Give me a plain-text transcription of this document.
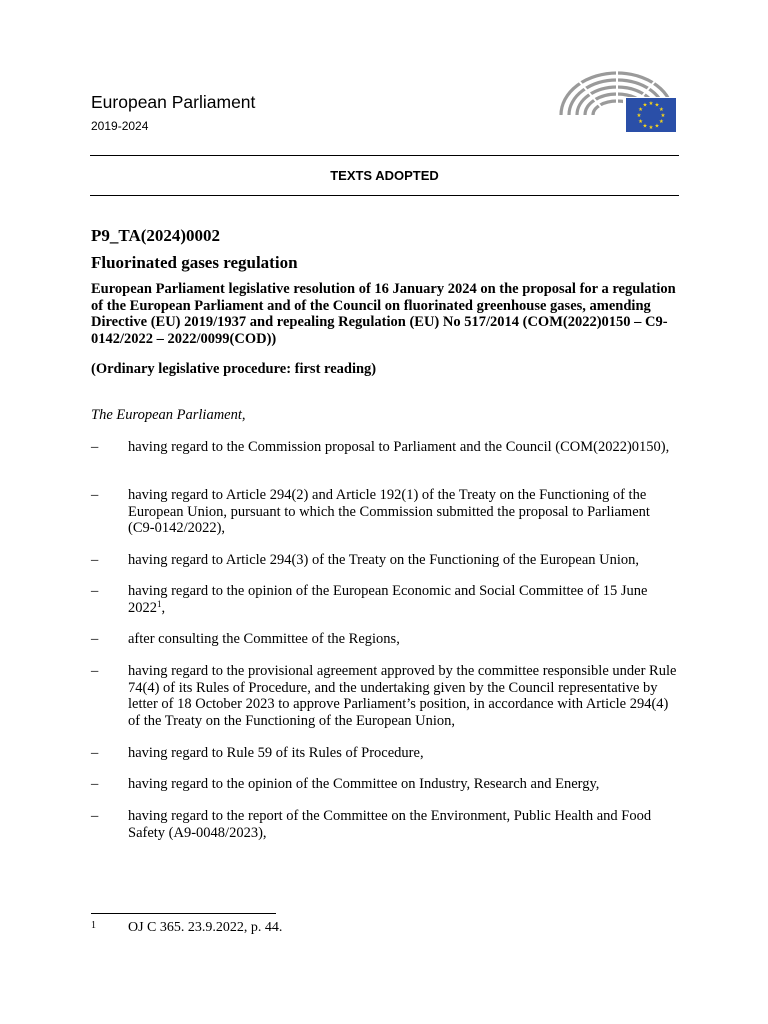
European Parliament
2019-2024
★ ★
★
★
★
★
★
★
★
★
★
★
TEXTS ADOPTED
P9_TA(2024)0002
Fluorinated gases regulation
European Parliament legislative resolution of 16 January 2024 on the proposal for a regulation of the European Parliament and of the Council on fluorinated greenhouse gases, amending Directive (EU) 2019/1937 and repealing Regulation (EU) No 517/2014 (COM(2022)0150 – C9-0142/2022 – 2022/0099(COD))
(Ordinary legislative procedure: first reading)
The European Parliament,
– having regard to the Commission proposal to Parliament and the Council (COM(2022)0150),
– having regard to Article 294(2) and Article 192(1) of the Treaty on the Functioning of the European Union, pursuant to which the Commission submitted the proposal to Parliament (C9-0142/2022),
– having regard to Article 294(3) of the Treaty on the Functioning of the European Union,
– having regard to the opinion of the European Economic and Social Committee of 15 June 2022$^1$,
– after consulting the Committee of the Regions,
– having regard to the provisional agreement approved by the committee responsible under Rule 74(4) of its Rules of Procedure, and the undertaking given by the Council representative by letter of 18 October 2023 to approve Parliament’s position, in accordance with Article 294(4) of the Treaty on the Functioning of the European Union,
– having regard to Rule 59 of its Rules of Procedure,
– having regard to the opinion of the Committee on Industry, Research and Energy,
– having regard to the report of the Committee on the Environment, Public Health and Food Safety (A9-0048/2023),
1 OJ C 365. 23.9.2022, p. 44.
